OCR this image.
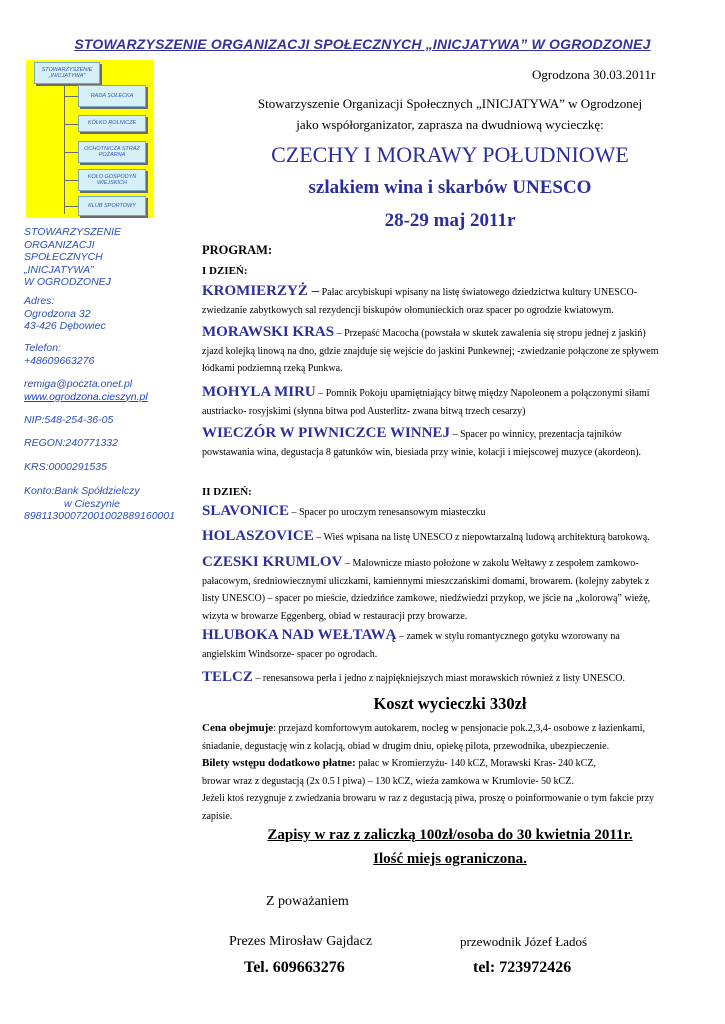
STOWARZYSZENIE ORGANIZACJI SPOŁECZNYCH „INICJATYWA” W OGRODZONEJ
STOWARZYSZENIE „INICJATYWA”
RADA SOŁECKA
KÓŁKO ROLNICZE
OCHOTNICZA STRAŻ POŻARNA
KOŁO GOSPODYŃ WIEJSKICH
KLUB SPORTOWY
STOWARZYSZENIE
ORGANIZACJI
SPOŁECZNYCH
„INICJATYWA”
W OGRODZONEJ
Adres:
Ogrodzona 32
43-426 Dębowiec
Telefon:
+48609663276
remiga@poczta.onet.pl
www.ogrodzona.cieszyn.pl
NIP:548-254-36-05
REGON:240771332
KRS:0000291535
Konto:Bank Spółdzielczy
w Cieszynie
89811300072001002889160001
Ogrodzona 30.03.2011r
Stowarzyszenie Organizacji Społecznych „INICJATYWA” w Ogrodzonej
jako współorganizator, zaprasza na dwudniową wycieczkę:
CZECHY I MORAWY POŁUDNIOWE
szlakiem wina i skarbów UNESCO
28-29 maj 2011r
PROGRAM:
I DZIEŃ:
KROMIERZYŻ – Pałac arcybiskupi wpisany na listę światowego dziedzictwa kultury UNESCO-
zwiedzanie zabytkowych sal rezydencji biskupów ołomunieckich oraz spacer po ogrodzie kwiatowym.
MORAWSKI KRAS – Przepaść Macocha (powstała w skutek zawalenia się stropu jednej z jaskiń)
zjazd kolejką linową na dno, gdzie znajduje się wejście do jaskini Punkewnej; -zwiedzanie połączone ze spływem
łódkami podziemną rzeką Punkwa.
MOHYLA MIRU – Pomnik Pokoju upamiętniający bitwę między Napoleonem a połączonymi siłami
austriacko- rosyjskimi (słynna bitwa pod Austerlitz- zwana bitwą trzech cesarzy)
WIECZÓR W PIWNICZCE WINNEJ – Spacer po winnicy, prezentacja tajników
powstawania wina, degustacja 8 gatunków win, biesiada przy winie, kolacji i miejscowej muzyce (akordeon).
II DZIEŃ:
SLAVONICE – Spacer po uroczym renesansowym miasteczku
HOLASZOVICE – Wieś wpisana na listę UNESCO z niepowtarzalną ludową architekturą barokową.
CZESKI KRUMLOV – Malownicze miasto położone w zakolu Wełtawy z zespołem zamkowo-
pałacowym, średniowiecznymi uliczkami, kamiennymi mieszczańskimi domami, browarem. (kolejny zabytek z
listy UNESCO) – spacer po mieście, dziedzińce zamkowe, niedźwiedzi przykop, we jście na „kolorową” wieżę,
wizyta w browarze Eggenberg, obiad w restauracji przy browarze.
HLUBOKA NAD WEŁTAWĄ – zamek w stylu romantycznego gotyku wzorowany na
angielskim Windsorze- spacer po ogrodach.
TELCZ – renesansowa perła i jedno z najpiękniejszych miast morawskich również z listy UNESCO.
Koszt wycieczki 330zł
Cena obejmuje: przejazd komfortowym autokarem, nocleg w pensjonacie pok.2,3,4- osobowe z łazienkami,
śniadanie, degustację win z kolacją, obiad w drugim dniu, opiekę pilota, przewodnika, ubezpieczenie.
Bilety wstępu dodatkowo płatne: pałac w Kromierzyżu- 140 kCZ, Morawski Kras- 240 kCZ,
browar wraz z degustacją (2x 0.5 l piwa) – 130 kCZ, wieża zamkowa w Krumlovie- 50 kCZ.
Jeżeli ktoś rezygnuje z zwiedzania browaru w raz z degustacją piwa, proszę o poinformowanie o tym fakcie przy
zapisie.
Zapisy w raz z zaliczką 100zł/osoba do 30 kwietnia 2011r.
Ilość miejs ograniczona.
Z poważaniem
Prezes Mirosław Gajdacz	przewodnik Józef Ładoś
Tel. 609663276	tel: 723972426
